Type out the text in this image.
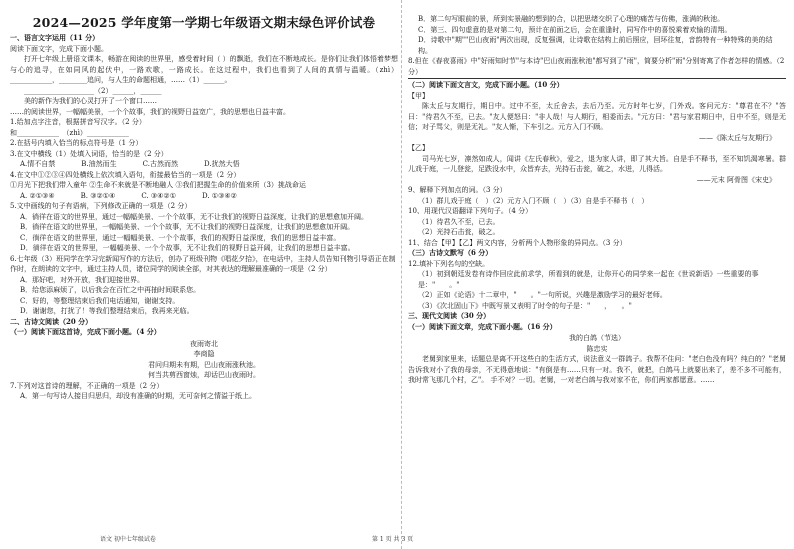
2024—2025 学年度第一学期七年级语文期末绿色评价试卷
一、语言文字运用（11 分）
阅读下面文字，完成下面小题。
打开七年级上册语文课本，畅游在阅读的世界里，感受着时间（ ）的飘逝，我们在不断地成长。是你们让我们体悟着梦想与心的追寻，在如同风的起伏中，一路欢歌，一路成长。在这过程中，我们也看到了人间的真情与温暖。（zhì）____________，________追问，与人生的命题相通，……（1）______。
____________________（2）______，______
美的新作为我们的心灵打开了一个窗口……
……的阅读世界，一幅幅美景，一个个故事，我们的视野日益宽广，我的思想也日益丰富。
1.给加点字注音，根据拼音写汉字。（2 分）
和____________　（zhì）____________
2.在括号内填入恰当的标点符号是（1 分）
3.在文中横线（1）处填入词语，恰当的是（2 分）
A.情不自禁	B.油然而生	C.古然而然	D.扰然大悟
4.在文中①②③④四处横线上依次填入语句，衔接最恰当的一项是（2 分）
①月光下把我们带入童年 ②生命不来就是不断地融人 ③我们把握生命的价值来所（3）挑战命运
A. ②①③④	B. ③②①④	C. ③④②①	D. ①③④②
5.文中画线的句子有语病，下列修改正确的一项是（2 分）
A．徜徉在语文的世界里，通过一幅幅美景、一个个故事，无不让我们的视野日益深度，让我们的思想愈加开阔。
B．徜徉在语文的世界里，一幅幅美景、一个个故事，无不让我们的视野日益深度，让我们的思想愈加开阔。
C．徜徉在语文的世界里，通过一幅幅美景、一个个故事，我们的视野日益深度，我们的思想日益丰富。
D．徜徉在语文的世界里，一幅幅美景、一个个故事，无不让我们的视野日益开阔，让我们的思想日益丰富。
6.七年级（3）班同学在学习完新闻写作的方法后，创办了班级刊物《唱花夕拾》，在电话中，主持人员告知刊物引导语正在制作时，在朗读的文字中，通过主持人员，诸位同学的阅读全部，对其表达的理解最准确的一项是（2 分）
A．那好吧，对外开放，我们迎接世界。
B．给您添麻烦了，以后我会在百忙之中再抽时间联系您。
C．好的，等整理结束后我们电话通知，谢谢支持。
D．谢谢您，打扰了！等我们整理结束后，我再来光临。
二、古诗文阅读（20 分）
（一）阅读下面这首诗，完成下面小题。（4 分）
夜雨寄北
李商隐
君问归期未有期，巴山夜雨涨秋池。
何当共剪西窗烛，却话巴山夜雨时。
7.下列对这首诗的理解，不正确的一项是（2 分）
A．第一句写诗人接目归思归，却没有准确的时期，无可奈何之情溢于纸上。
B．第二句写眼前的景，所到实景融的想到的合，以把思绪交织了心理的痛苦与仿佛，涨满的秋池。
C．第三、四句虚意的是对第二句，预计在前面之后，会在重逢时，同写作中的喜悦乘着欢愉的清翔。
D．诗歌中"期""巴山夜雨"两次出现，反复强调，让诗歌在结构上前后照应，回环往复，音韵特有一种特殊的美的结构。
8.但在《春夜喜雨》中"好雨知时节"与本诗"巴山夜雨涨秋池"都写到了"雨"，简要分析"雨"分别寄寓了作者怎样的情感。（2 分）
（二）阅读下面文言文，完成下面小题。（10 分）
【甲】
陈太丘与友期行，期日中。过中不至，太丘舍去，去后乃至。元方时年七岁，门外戏。客问元方："尊君在不？"答曰："待君久不至，已去。"友人便怒曰："非人哉！与人期行，相委而去。"元方曰："君与家君期日中，日中不至，则是无信；对子骂父，则是无礼。"友人惭，下车引之。元方入门不顾。
——《陈太丘与友期行》
【乙】
司马光七岁，凛然如成人，闻讲《左氏春秋》，爱之，退为家人讲，即了其大旨。自是手不释书，至不知饥渴寒暑。群儿戏于庭，一儿登瓮，足跌没水中，众皆弃去，光持石击瓮，破之，水迸，儿得活。
——元末 阿骨图《宋史》
9、解释下列加点的词。（3 分）
（1）群儿戏于庭（　）（2）元方入门不顾（　）（3）自是手不释书（　）
10、用现代汉语翻译下列句子。（4 分）
（1）待君久不至，已去。
（2）光持石击瓮，破之。
11、结合【甲】【乙】两文内容，分析两个人物形象的异同点。（3 分）
（三）古诗文默写（6 分）
12.填补下列名句的空缺。
（1）初到朝廷发卷有诗作回应此前求学，所看到的就是，让你开心的同学来一起在《世说新语》一些重要的事是："　　。"
（2）正如《论语》十二章中，"　　。"一句所说，兴趣是激励学习的最好老师。
（3）《次北固山下》中既写景又表明了时令的句子是："　　，　　。"
三、现代文阅读（30 分）
（一）阅读下面文章，完成下面小题。（16 分）
我的白鸽（节选）
陈忠实
老舅到家里来，话题总是离不开这些白的生活方式，说法意义一群鸽子。我帮不住问："老白色没有吗？纯白的？"老舅告诉我对小了我的母亲，不无得意地说："有倒是有……只有一对。我不，就把，白鸽马上就要出来了，差不多不可能有，我时常飞那几个村，乙"。 手不对？一切。老舅，一对老白鸽与我对家不在，你们两家都愿意。……
语文 初中七年级试卷	第 1 页 共 3 页
